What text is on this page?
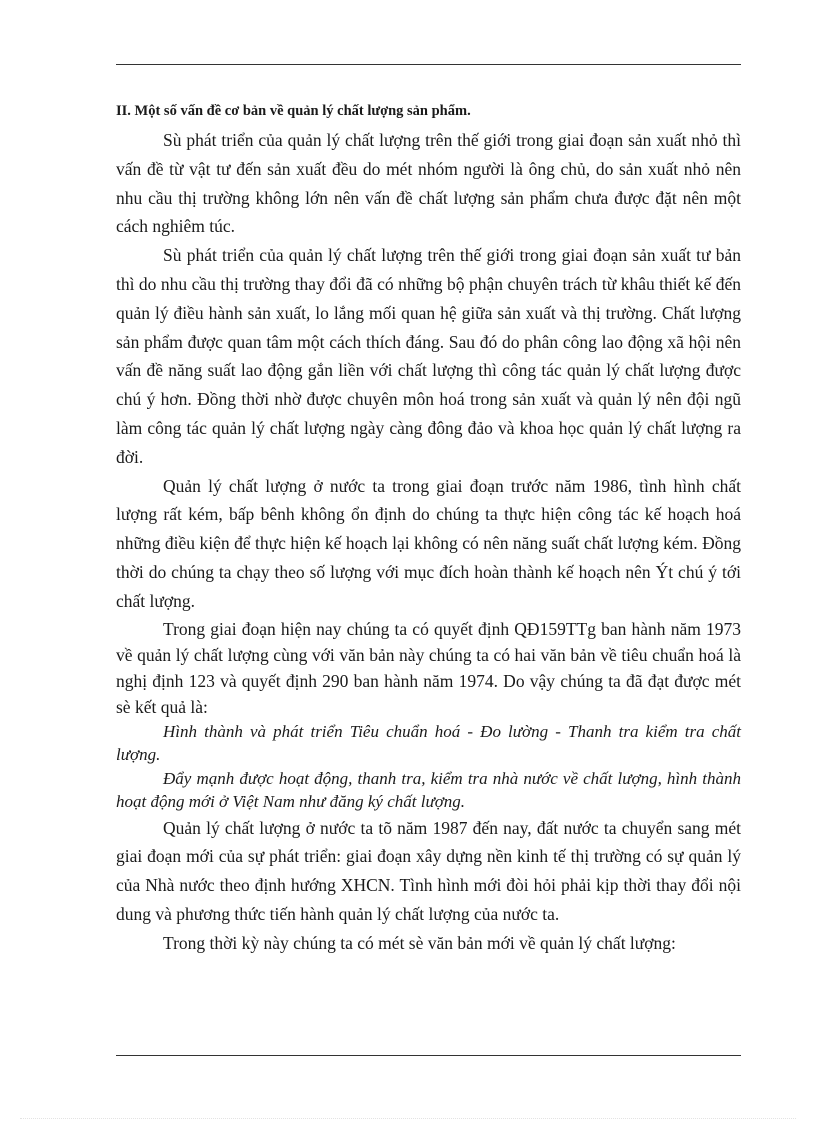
II. Một số vấn đề cơ bản về quản lý chất lượng sản phẩm.

Sù phát triển của quản lý chất lượng trên thế giới trong giai đoạn sản xuất nhỏ thì vấn đề từ vật tư đến sản xuất đều do mét nhóm người là ông chủ, do sản xuất nhỏ nên nhu cầu thị trường không lớn nên vấn đề chất lượng sản phẩm chưa được đặt nên một cách nghiêm túc.

Sù phát triển của quản lý chất lượng trên thế giới trong giai đoạn sản xuất tư bản thì do nhu cầu thị trường thay đổi đã có những bộ phận chuyên trách từ khâu thiết kế đến quản lý điều hành sản xuất, lo lắng mối quan hệ giữa sản xuất và thị trường. Chất lượng sản phẩm được quan tâm một cách thích đáng. Sau đó do phân công lao động xã hội nên vấn đề năng suất lao động gắn liền với chất lượng thì công tác quản lý chất lượng được chú ý hơn. Đồng thời nhờ được chuyên môn hoá trong sản xuất và quản lý nên đội ngũ làm công tác quản lý chất lượng ngày càng đông đảo và khoa học quản lý chất lượng ra đời.

Quản lý chất lượng ở nước ta trong giai đoạn trước năm 1986, tình hình chất lượng rất kém, bấp bênh không ổn định do chúng ta thực hiện công tác kế hoạch hoá những điều kiện để thực hiện kế hoạch lại không có nên năng suất chất lượng kém. Đồng thời do chúng ta chạy theo số lượng với mục đích hoàn thành kế hoạch nên Ýt chú ý tới chất lượng.

Trong giai đoạn hiện nay chúng ta có quyết định QĐ159TTg ban hành năm 1973 về quản lý chất lượng cùng với văn bản này chúng ta có hai văn bản về tiêu chuẩn hoá là nghị định 123 và quyết định 290 ban hành năm 1974. Do vậy chúng ta đã đạt được mét sè kết quả là:

Hình thành và phát triển Tiêu chuẩn hoá - Đo lường - Thanh tra kiểm tra chất lượng.

Đẩy mạnh được hoạt động, thanh tra, kiểm tra nhà nước về chất lượng, hình thành hoạt động mới ở Việt Nam như đăng ký chất lượng.

Quản lý chất lượng ở nước ta tõ năm 1987 đến nay, đất nước ta chuyển sang mét giai đoạn mới của sự phát triển: giai đoạn xây dựng nền kinh tế thị trường có sự quản lý của Nhà nước theo định hướng XHCN. Tình hình mới đòi hỏi phải kịp thời thay đổi nội dung và phương thức tiến hành quản lý chất lượng của nước ta.

Trong thời kỳ này chúng ta có mét sè văn bản mới về quản lý chất lượng:
